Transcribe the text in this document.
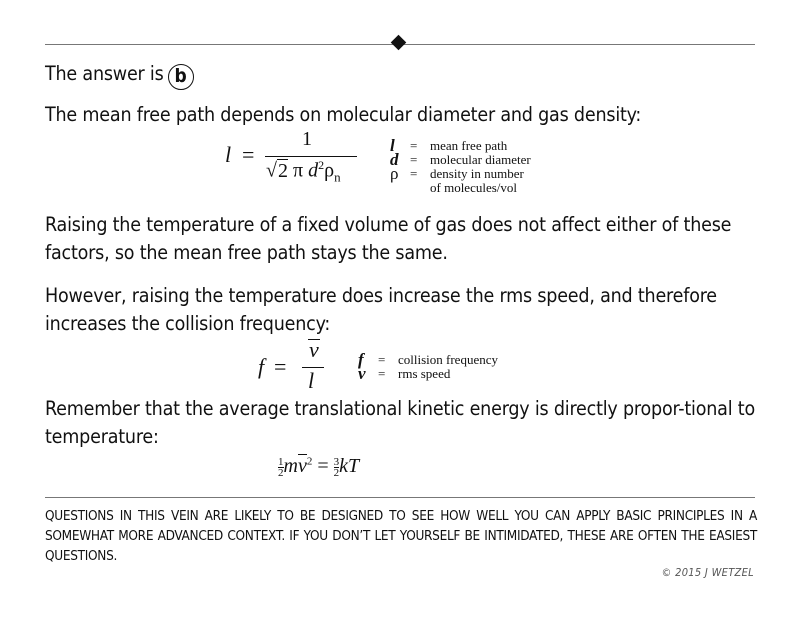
The answer is b
The mean free path depends on molecular diameter and gas density:
l =
1
√2 π $d^2\rho_n$
l	= mean free path
d = molecular diameter
ρ = density in number
of molecules/vol
Raising the temperature of a fixed volume of gas does not affect either of these factors, so the mean free path stays the same.
However, raising the temperature does increase the rms speed, and therefore increases the collision frequency:
f =
v
l
f	= collision frequency
v = rms speed
Remember that the average translational kinetic energy is directly propor-tional to temperature:
$\frac{1}{2} mv^2 = \frac{3}{2}$ kT
QUESTIONS IN THIS VEIN ARE LIKELY TO BE DESIGNED TO SEE HOW WELL YOU CAN APPLY BASIC PRINCIPLES IN A SOMEWHAT MORE ADVANCED CONTEXT. IF YOU DON’T LET YOURSELF BE INTIMIDATED, THESE ARE OFTEN THE EASIEST QUESTIONS.
© 2015 J WETZEL
